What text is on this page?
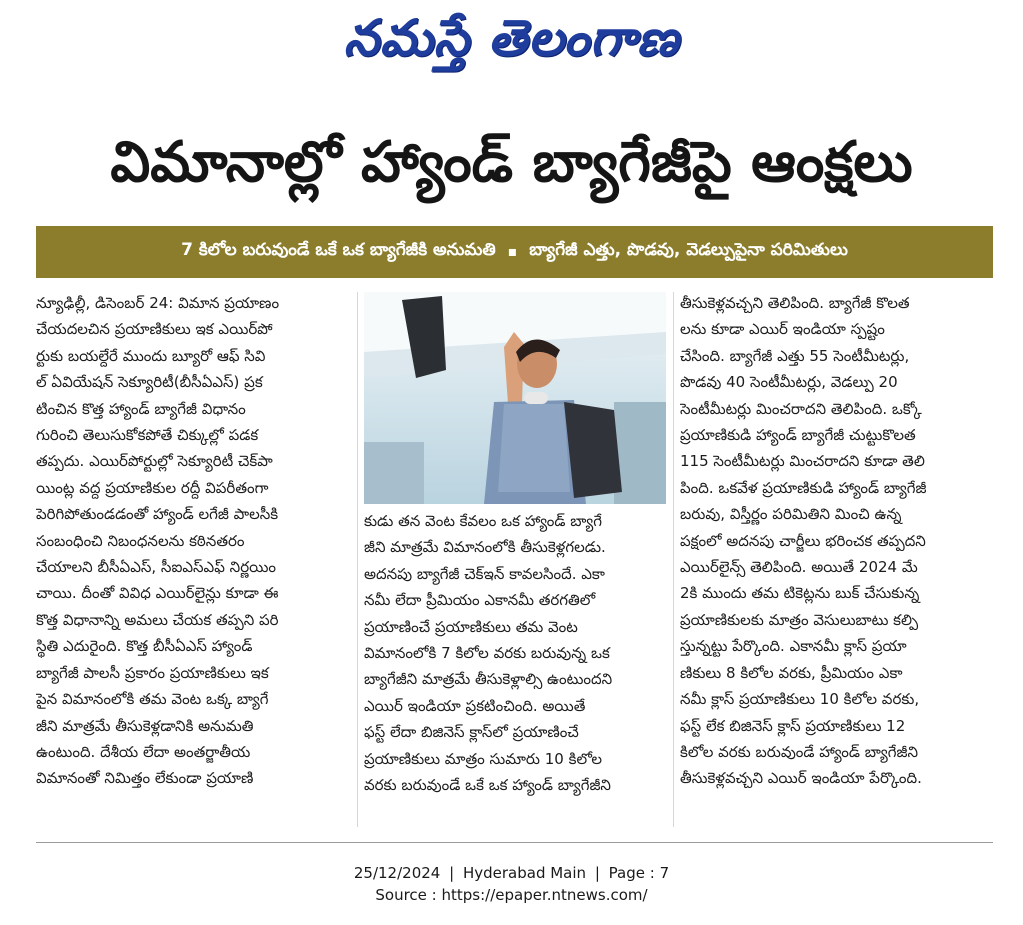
నమస్తే తెలంగాణ
విమానాల్లో హ్యాండ్ బ్యాగేజీపై ఆంక్షలు
7 కిలోల బరువుండే ఒకే ఒక బ్యాగేజీకి అనుమతి ▪ బ్యాగేజీ ఎత్తు, పొడవు, వెడల్పుపైనా పరిమితులు

న్యూఢిల్లీ, డిసెంబర్ 24: విమాన ప్రయాణం
చేయదలచిన ప్రయాణికులు ఇక ఎయిర్‌పో
ర్టుకు బయల్దేరే ముందు బ్యూరో ఆఫ్ సివి
ల్ ఏవియేషన్ సెక్యూరిటీ(బీసీఏఎస్) ప్రక
టించిన కొత్త హ్యాండ్ బ్యాగేజీ విధానం
గురించి తెలుసుకోకపోతే చిక్కుల్లో పడక
తప్పదు. ఎయిర్‌పోర్టుల్లో సెక్యూరిటీ చెక్‌పా
యింట్ల వద్ద ప్రయాణికుల రద్దీ విపరీతంగా
పెరిగిపోతుండడంతో హ్యాండ్ లగేజీ పాలసీకి
సంబంధించి నిబంధనలను కఠినతరం
చేయాలని బీసీఏఎస్, సీఐఎస్‌ఎఫ్ నిర్ణయిం
చాయి. దీంతో వివిధ ఎయిర్‌లైన్లు కూడా ఈ
కొత్త విధానాన్ని అమలు చేయక తప్పని పరి
స్థితి ఎదురైంది. కొత్త బీసీఏఎస్ హ్యాండ్
బ్యాగేజీ పాలసీ ప్రకారం ప్రయాణికులు ఇక
పైన విమానంలోకి తమ వెంట ఒక్క బ్యాగే
జీని మాత్రమే తీసుకెళ్లడానికి అనుమతి
ఉంటుంది. దేశీయ లేదా అంతర్జాతీయ
విమానంతో నిమిత్తం లేకుండా ప్రయాణి

కుడు తన వెంట కేవలం ఒక హ్యాండ్ బ్యాగే
జీని మాత్రమే విమానంలోకి తీసుకెళ్లగలడు.
అదనపు బ్యాగేజీ చెక్‌ఇన్ కావలసిందే. ఎకా
నమీ లేదా ప్రీమియం ఎకానమీ తరగతిలో
ప్రయాణించే ప్రయాణికులు తమ వెంట
విమానంలోకి 7 కిలోల వరకు బరువున్న ఒక
బ్యాగేజీని మాత్రమే తీసుకెళ్లాల్సి ఉంటుందని
ఎయిర్ ఇండియా ప్రకటించింది. అయితే
ఫస్ట్ లేదా బిజినెస్ క్లాస్‌లో ప్రయాణించే
ప్రయాణికులు మాత్రం సుమారు 10 కిలోల
వరకు బరువుండే ఒకే ఒక హ్యాండ్ బ్యాగేజీని

తీసుకెళ్లవచ్చని తెలిపింది. బ్యాగేజీ కొలత
లను కూడా ఎయిర్ ఇండియా స్పష్టం
చేసింది. బ్యాగేజీ ఎత్తు 55 సెంటీమీటర్లు,
పొడవు 40 సెంటీమీటర్లు, వెడల్పు 20
సెంటీమీటర్లు మించరాదని తెలిపింది. ఒక్కో
ప్రయాణికుడి హ్యాండ్ బ్యాగేజీ చుట్టుకొలత
115 సెంటీమీటర్లు మించరాదని కూడా తెలి
పింది. ఒకవేళ ప్రయాణికుడి హ్యాండ్ బ్యాగేజీ
బరువు, విస్తీర్ణం పరిమితిని మించి ఉన్న
పక్షంలో అదనపు చార్జీలు భరించక తప్పదని
ఎయిర్‌లైన్స్ తెలిపింది. అయితే 2024 మే
2కి ముందు తమ టికెట్లను బుక్ చేసుకున్న
ప్రయాణికులకు మాత్రం వెసులుబాటు కల్పి
స్తున్నట్టు పేర్కొంది. ఎకానమీ క్లాస్ ప్రయా
ణికులు 8 కిలోల వరకు, ప్రీమియం ఎకా
నమీ క్లాస్ ప్రయాణికులు 10 కిలోల వరకు,
ఫస్ట్ లేక బిజినెస్ క్లాస్ ప్రయాణికులు 12
కిలోల వరకు బరువుండే హ్యాండ్ బ్యాగేజీని
తీసుకెళ్లవచ్చని ఎయిర్ ఇండియా పేర్కొంది.

25/12/2024 | Hyderabad Main | Page : 7
Source : https://epaper.ntnews.com/
